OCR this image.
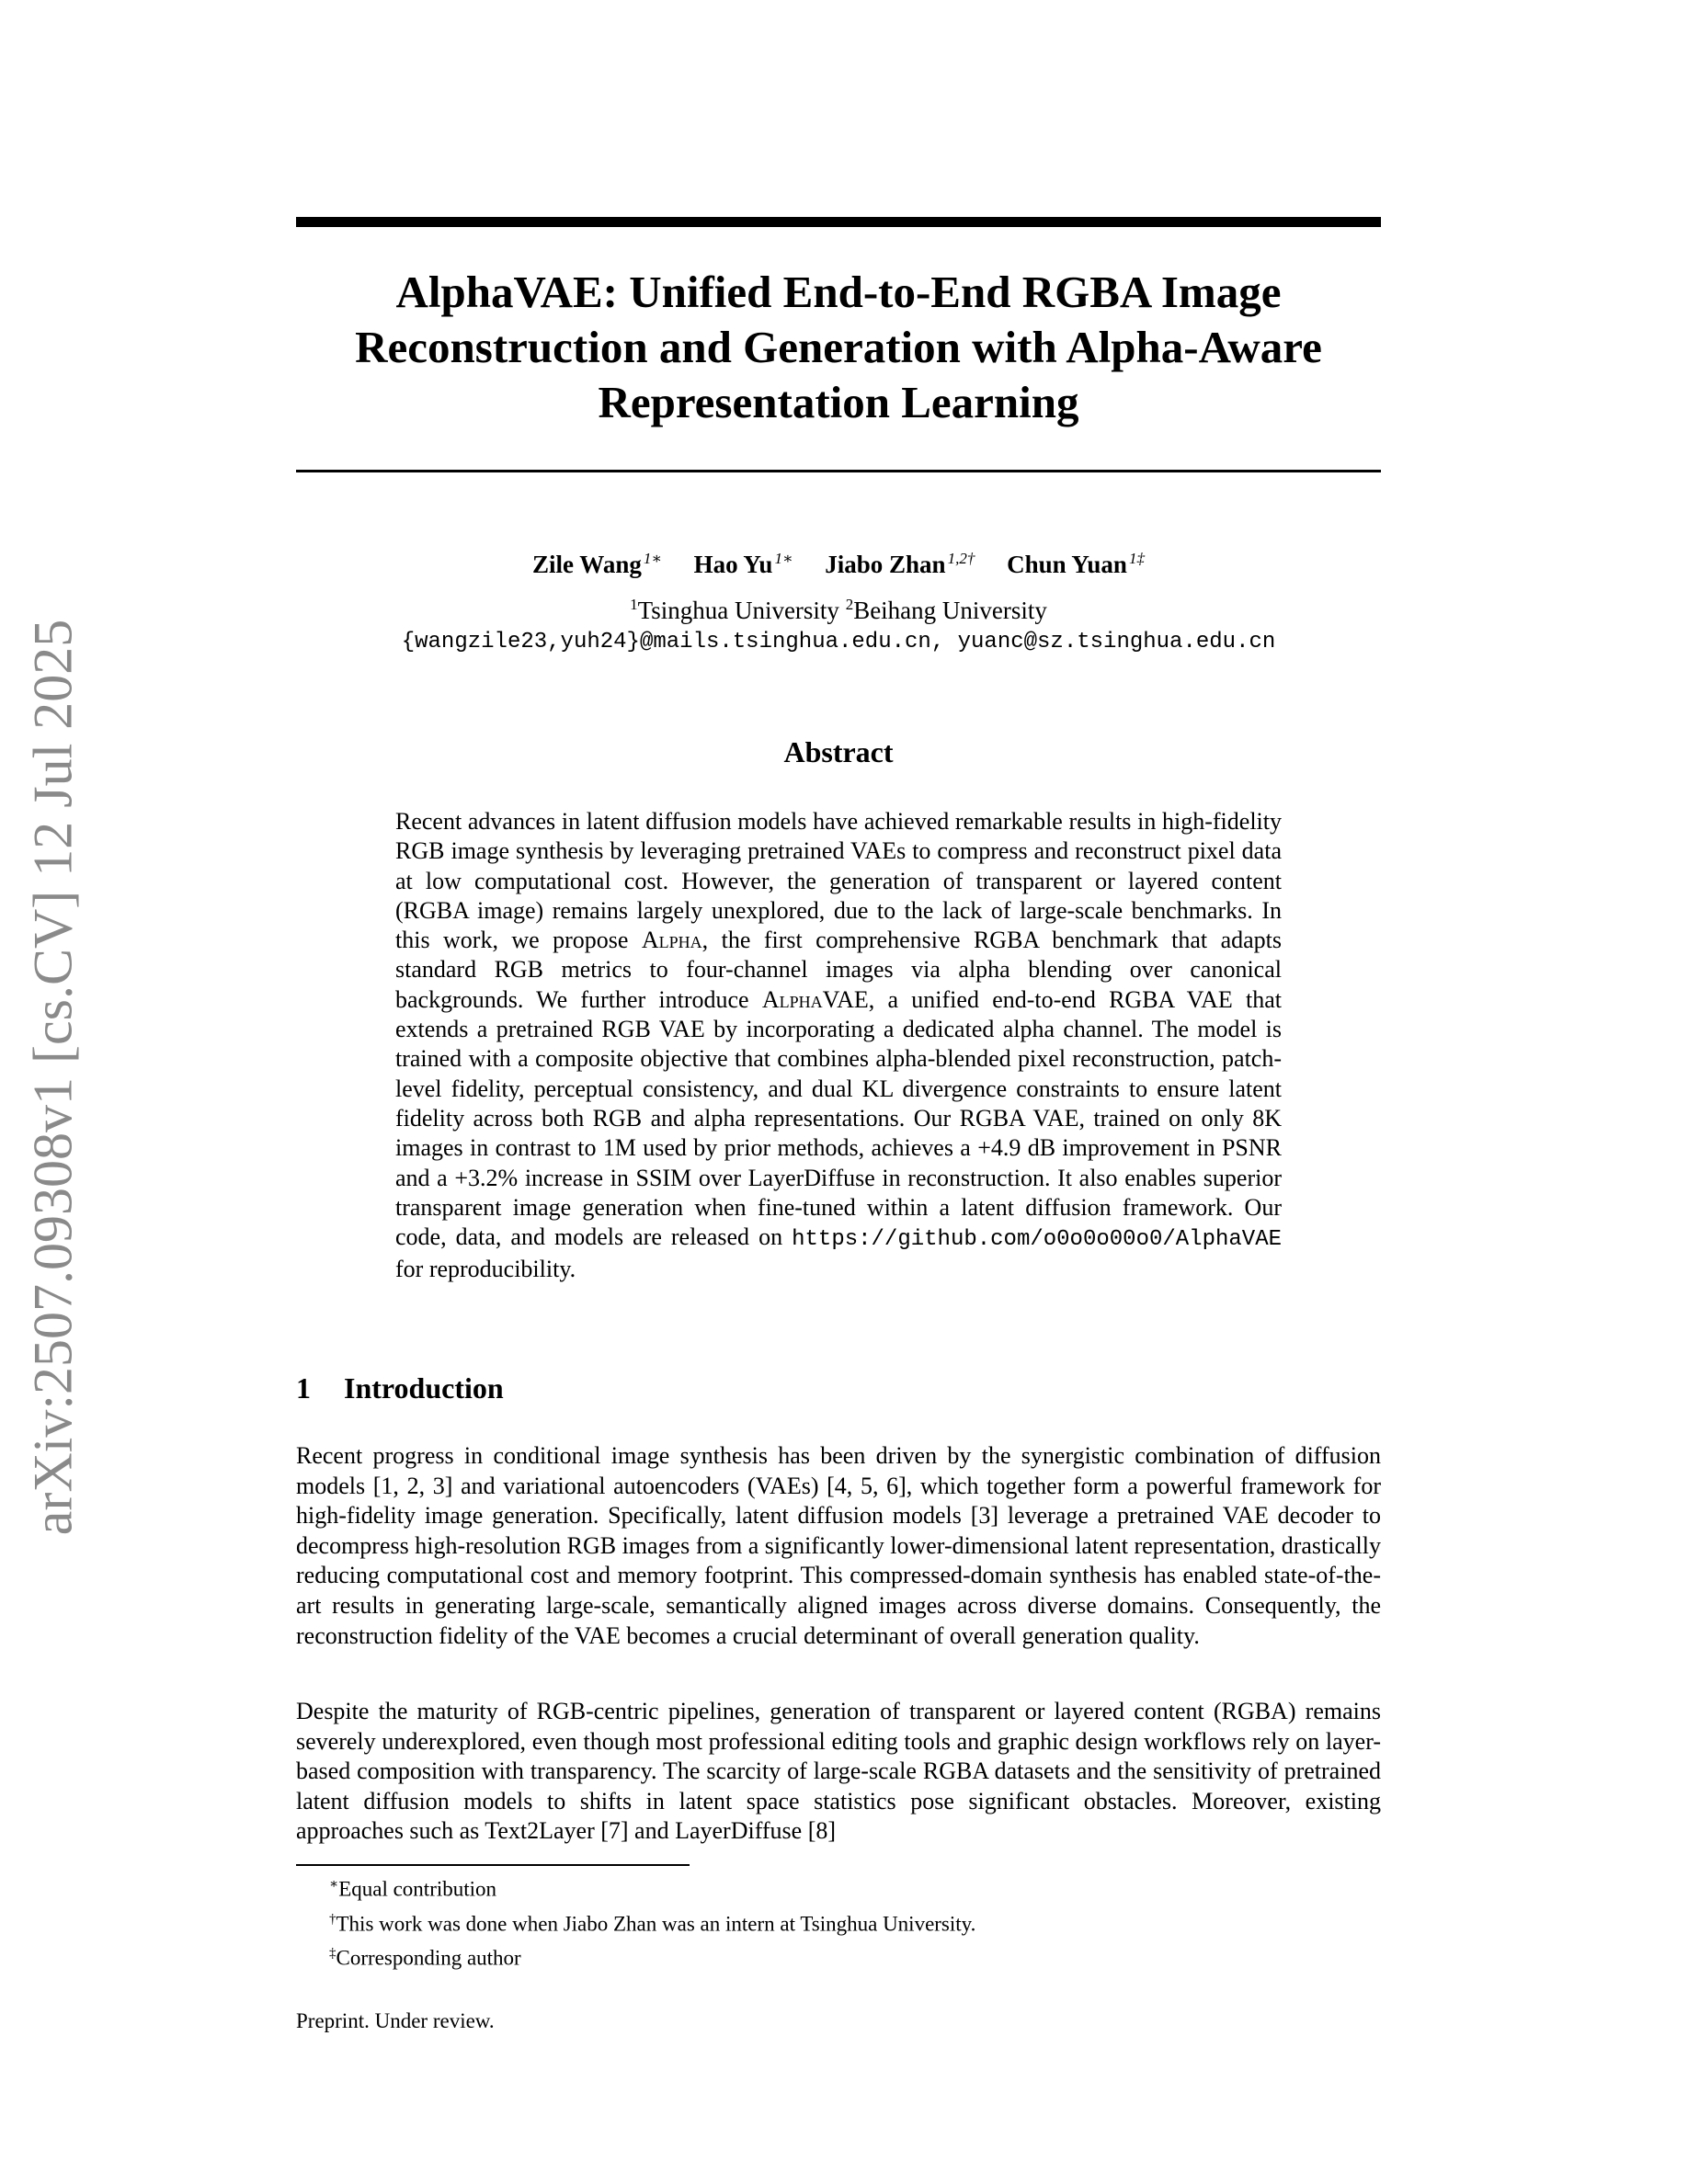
arXiv:2507.09308v1 [cs.CV] 12 Jul 2025
AlphaVAE: Unified End-to-End RGBA Image Reconstruction and Generation with Alpha-Aware Representation Learning
Zile Wang $^{1∗}$ Hao Yu $^{1∗}$ Jiabo Zhan $^{1,2\dagger}$ Chun Yuan $^{1\ddagger}$
$^1$Tsinghua University $^2$Beihang University
{wangzile23,yuh24}@mails.tsinghua.edu.cn, yuanc@sz.tsinghua.edu.cn
Abstract

Recent advances in latent diffusion models have achieved remarkable results in high-fidelity RGB image synthesis by leveraging pretrained VAEs to compress and reconstruct pixel data at low computational cost. However, the generation of transparent or layered content (RGBA image) remains largely unexplored, due to the lack of large-scale benchmarks. In this work, we propose Alpha, the first comprehensive RGBA benchmark that adapts standard RGB metrics to four-channel images via alpha blending over canonical backgrounds. We further introduce AlphaVAE, a unified end-to-end RGBA VAE that extends a pretrained RGB VAE by incorporating a dedicated alpha channel. The model is trained with a composite objective that combines alpha-blended pixel reconstruction, patch-level fidelity, perceptual consistency, and dual KL divergence constraints to ensure latent fidelity across both RGB and alpha representations. Our RGBA VAE, trained on only 8K images in contrast to 1M used by prior methods, achieves a +4.9 dB improvement in PSNR and a +3.2% increase in SSIM over LayerDiffuse in reconstruction. It also enables superior transparent image generation when fine-tuned within a latent diffusion framework. Our code, data, and models are released on https://github.com/o0o0o00o0/AlphaVAE for reproducibility.

1 Introduction

Recent progress in conditional image synthesis has been driven by the synergistic combination of diffusion models [1, 2, 3] and variational autoencoders (VAEs) [4, 5, 6], which together form a powerful framework for high-fidelity image generation. Specifically, latent diffusion models [3] leverage a pretrained VAE decoder to decompress high-resolution RGB images from a significantly lower-dimensional latent representation, drastically reducing computational cost and memory footprint. This compressed-domain synthesis has enabled state-of-the-art results in generating large-scale, semantically aligned images across diverse domains. Consequently, the reconstruction fidelity of the VAE becomes a crucial determinant of overall generation quality.

Despite the maturity of RGB-centric pipelines, generation of transparent or layered content (RGBA) remains severely underexplored, even though most professional editing tools and graphic design workflows rely on layer-based composition with transparency. The scarcity of large-scale RGBA datasets and the sensitivity of pretrained latent diffusion models to shifts in latent space statistics pose significant obstacles. Moreover, existing approaches such as Text2Layer [7] and LayerDiffuse [8]

∗Equal contribution
†This work was done when Jiabo Zhan was an intern at Tsinghua University.
‡Corresponding author
Preprint. Under review.
